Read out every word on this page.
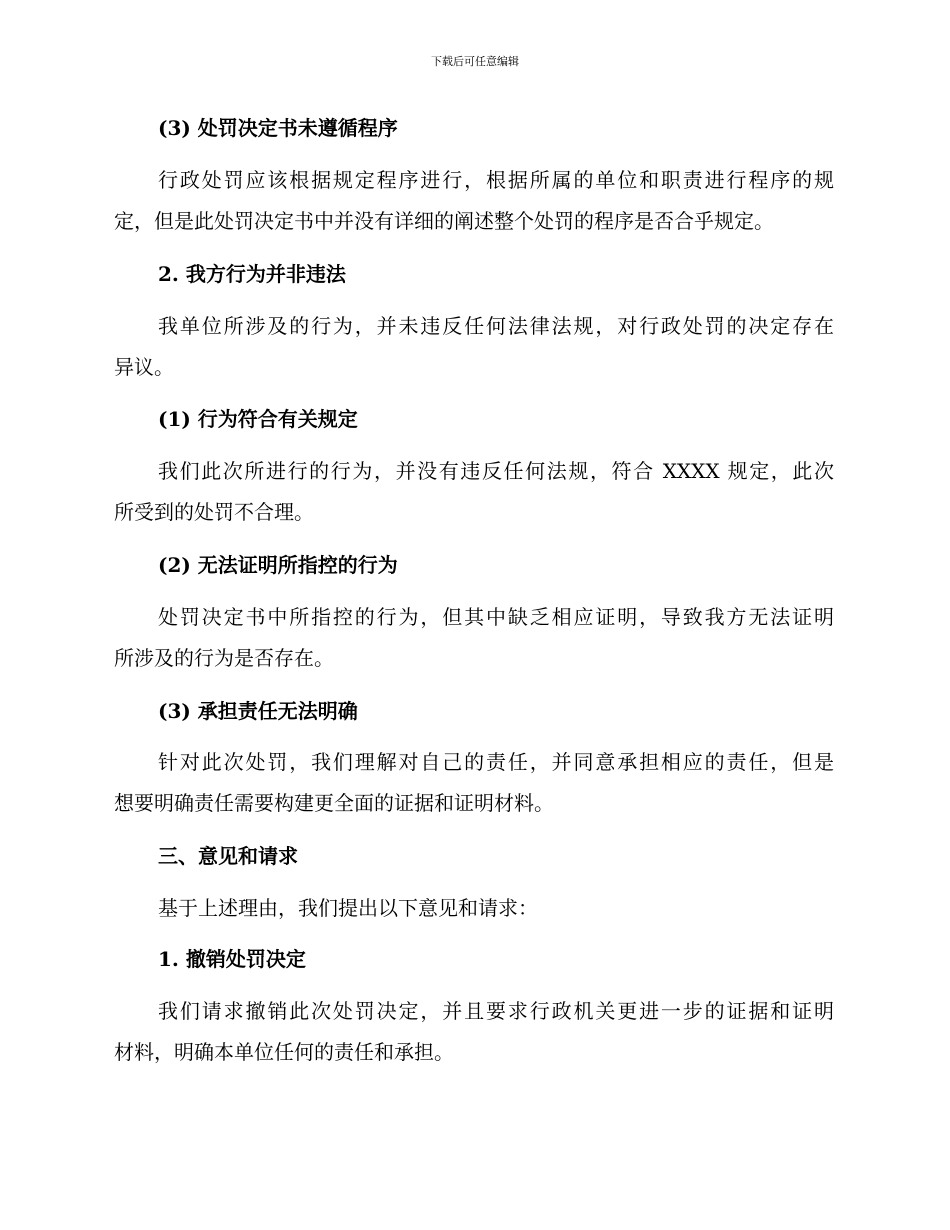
下载后可任意编辑
(3) 处罚决定书未遵循程序
行政处罚应该根据规定程序进行，根据所属的单位和职责进行程序的规
定，但是此处罚决定书中并没有详细的阐述整个处罚的程序是否合乎规定。
2. 我方行为并非违法
我单位所涉及的行为，并未违反任何法律法规，对行政处罚的决定存在
异议。
(1) 行为符合有关规定
我们此次所进行的行为，并没有违反任何法规，符合 XXXX 规定，此次
所受到的处罚不合理。
(2) 无法证明所指控的行为
处罚决定书中所指控的行为，但其中缺乏相应证明，导致我方无法证明
所涉及的行为是否存在。
(3) 承担责任无法明确
针对此次处罚，我们理解对自己的责任，并同意承担相应的责任，但是
想要明确责任需要构建更全面的证据和证明材料。
三、意见和请求
基于上述理由，我们提出以下意见和请求：
1. 撤销处罚决定
我们请求撤销此次处罚决定，并且要求行政机关更进一步的证据和证明
材料，明确本单位任何的责任和承担。
